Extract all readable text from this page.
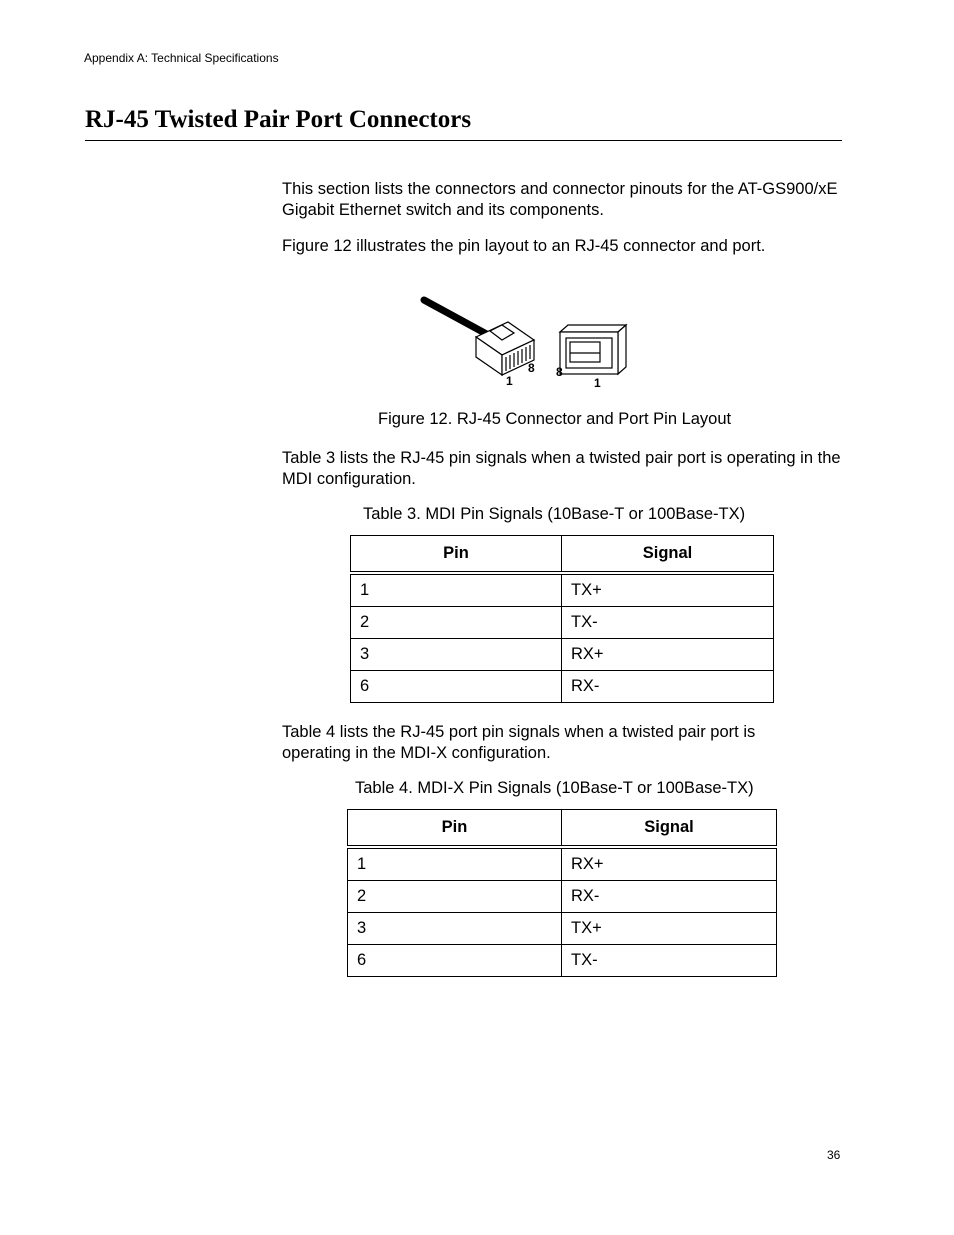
Appendix A: Technical Specifications
RJ-45 Twisted Pair Port Connectors

This section lists the connectors and connector pinouts for the AT-GS900/xE Gigabit Ethernet switch and its components.

Figure 12 illustrates the pin layout to an RJ-45 connector and port.

1
8 8
1
Figure 12. RJ-45 Connector and Port Pin Layout

Table 3 lists the RJ-45 pin signals when a twisted pair port is operating in the MDI configuration.

Table 3. MDI Pin Signals (10Base-T or 100Base-TX)
Pin	Signal
1	TX+
2	TX-
3	RX+
6	RX-

Table 4 lists the RJ-45 port pin signals when a twisted pair port is operating in the MDI-X configuration.

Table 4. MDI-X Pin Signals (10Base-T or 100Base-TX)
Pin	Signal
1	RX+
2	RX-
3	TX+
6	TX-
36
